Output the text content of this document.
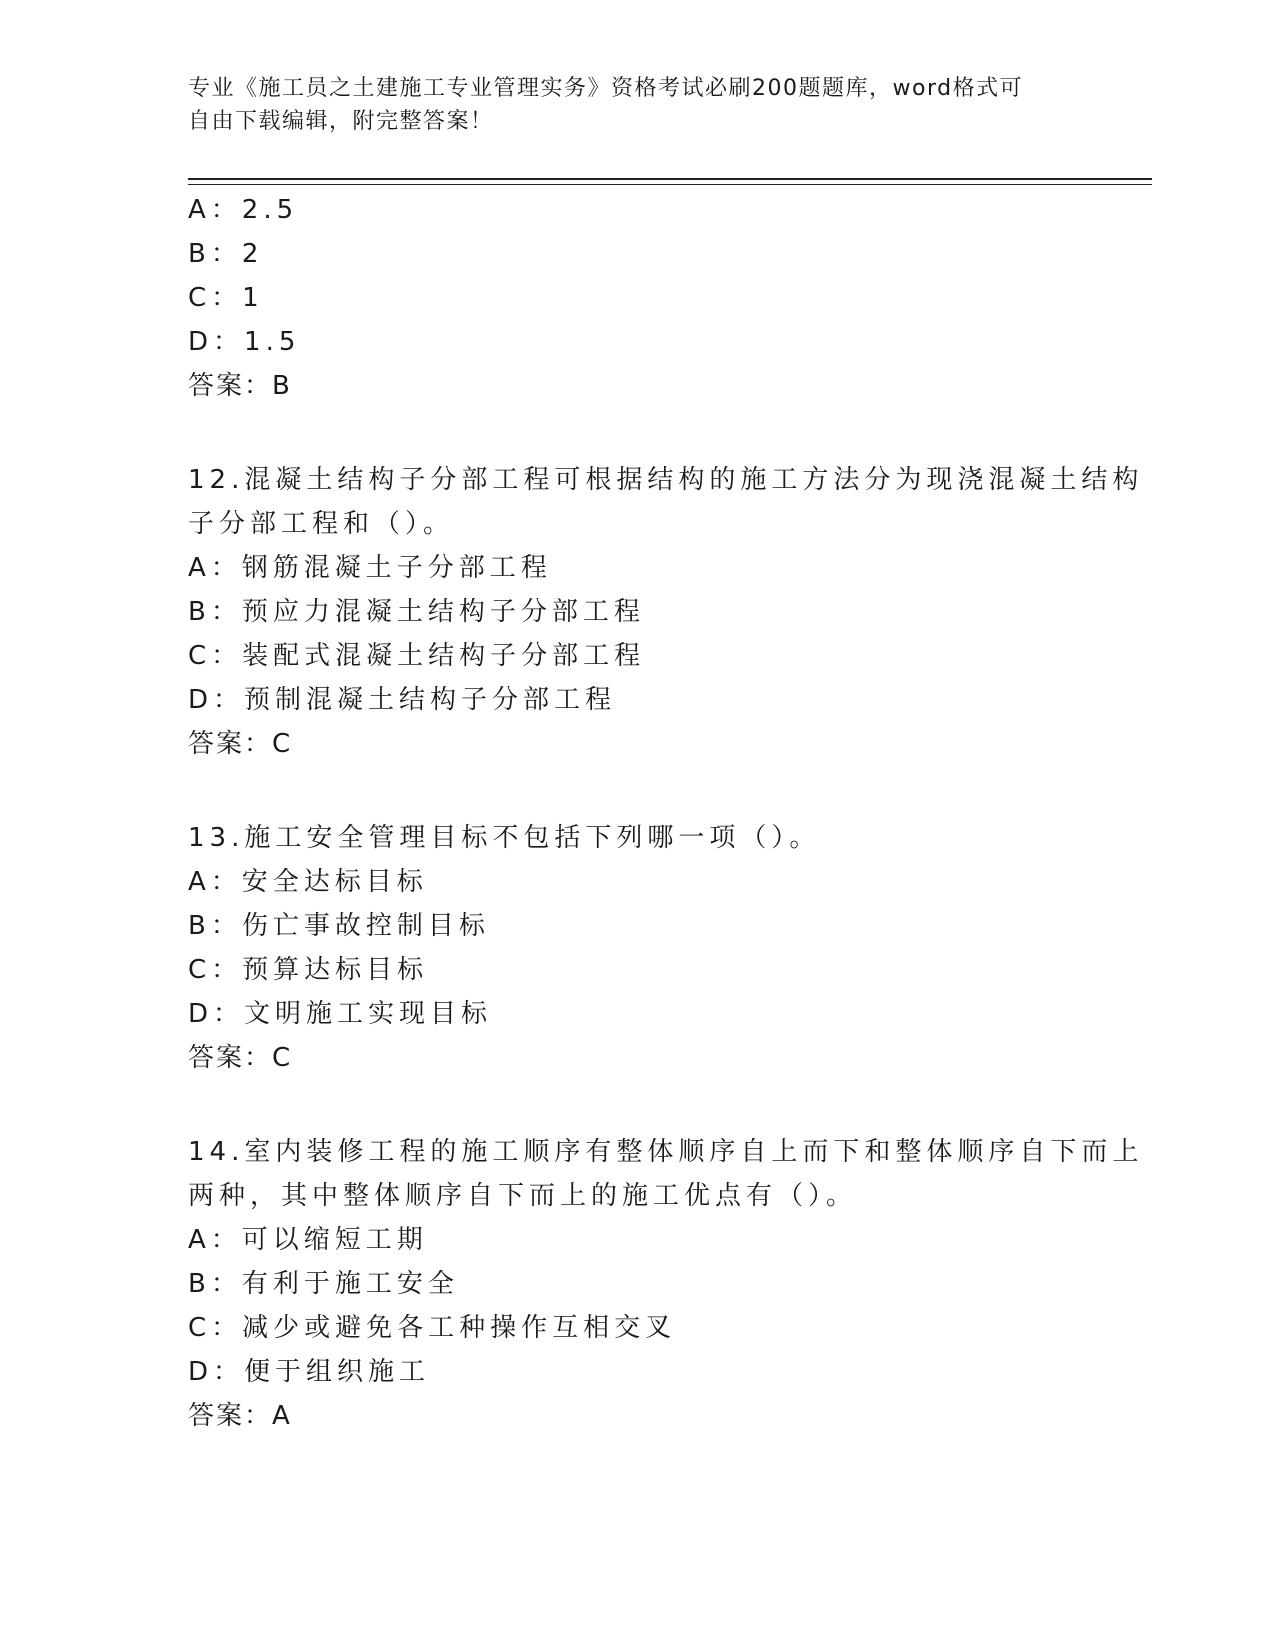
专业《施工员之土建施工专业管理实务》资格考试必刷200题题库，word格式可
自由下载编辑，附完整答案！
A：2.5
B：2
C：1
D：1.5
答案：B
12.混凝土结构子分部工程可根据结构的施工方法分为现浇混凝土结构
子分部工程和（）。
A：钢筋混凝土子分部工程
B：预应力混凝土结构子分部工程
C：装配式混凝土结构子分部工程
D：预制混凝土结构子分部工程
答案：C
13.施工安全管理目标不包括下列哪一项（）。
A：安全达标目标
B：伤亡事故控制目标
C：预算达标目标
D：文明施工实现目标
答案：C
14.室内装修工程的施工顺序有整体顺序自上而下和整体顺序自下而上
两种，其中整体顺序自下而上的施工优点有（）。
A：可以缩短工期
B：有利于施工安全
C：减少或避免各工种操作互相交叉
D：便于组织施工
答案：A
